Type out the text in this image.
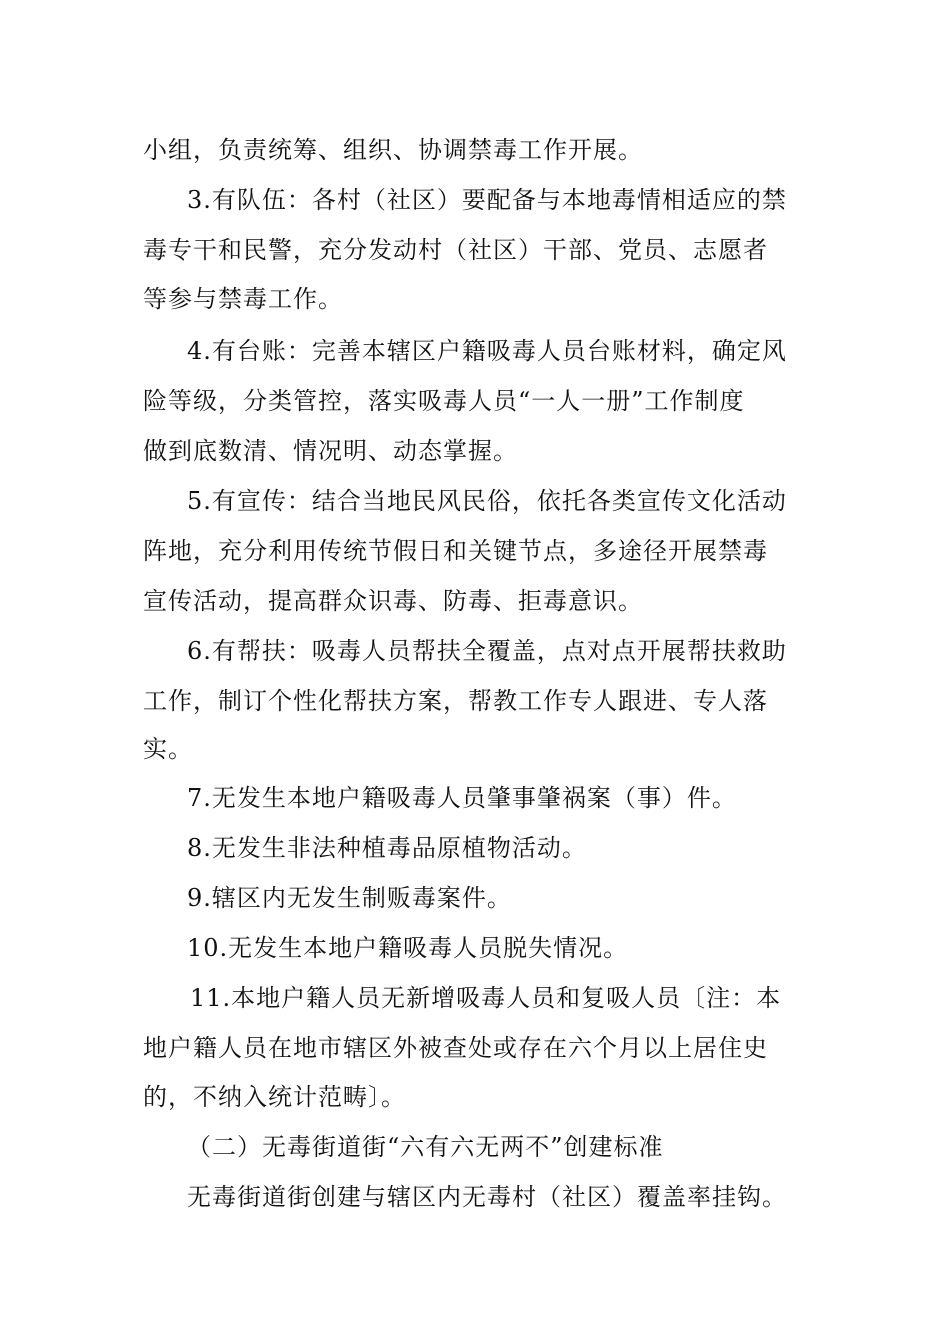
小组，负责统筹、组织、协调禁毒工作开展。
3.有队伍：各村（社区）要配备与本地毒情相适应的禁
毒专干和民警，充分发动村（社区）干部、党员、志愿者
等参与禁毒工作。
4.有台账：完善本辖区户籍吸毒人员台账材料，确定风
险等级，分类管控，落实吸毒人员“一人一册”工作制度
做到底数清、情况明、动态掌握。
5.有宣传：结合当地民风民俗，依托各类宣传文化活动
阵地，充分利用传统节假日和关键节点，多途径开展禁毒
宣传活动，提高群众识毒、防毒、拒毒意识。
6.有帮扶：吸毒人员帮扶全覆盖，点对点开展帮扶救助
工作，制订个性化帮扶方案，帮教工作专人跟进、专人落
实。
7.无发生本地户籍吸毒人员肇事肇祸案（事）件。
8.无发生非法种植毒品原植物活动。
9.辖区内无发生制贩毒案件。
10.无发生本地户籍吸毒人员脱失情况。
11.本地户籍人员无新增吸毒人员和复吸人员〔注：本
地户籍人员在地市辖区外被查处或存在六个月以上居住史
的，不纳入统计范畴〕。
（二）无毒街道街“六有六无两不”创建标准
无毒街道街创建与辖区内无毒村（社区）覆盖率挂钩。
